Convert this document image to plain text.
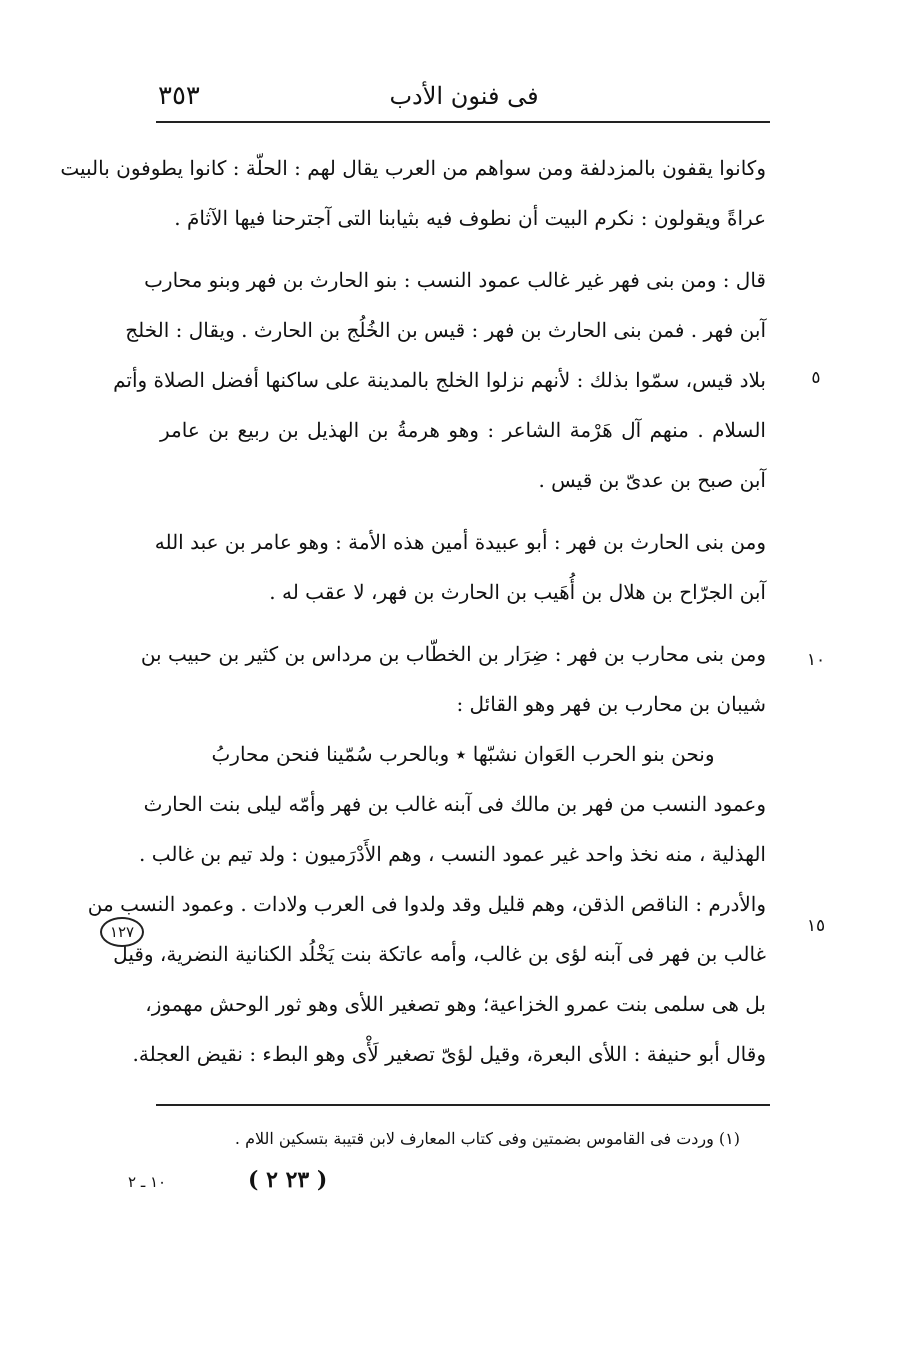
فى فنون الأدب
٣٥٣
وكانوا يقفون بالمزدلفة ومن سواهم من العرب يقال لهم : الحلّة : كانوا يطوفون بالبيت
عراةً ويقولون : نكرم البيت أن نطوف فيه بثيابنا التى آجترحنا فيها الآثامَ .
قال : ومن بنى فهر غير غالب عمود النسب : بنو الحارث بن فهر وبنو محارب
آبن فهر . فمن بنى الحارث بن فهر : قيس بن الخُلُج بن الحارث . ويقال : الخلج
بلاد قيس، سمّوا بذلك : لأنهم نزلوا الخلج بالمدينة على ساكنها أفضل الصلاة وأتم
السلام . منهم آل هَرْمة الشاعر : وهو هرمةُ بن الهذيل بن ربيع بن عامر
آبن صبح بن عدىّ بن قيس .
ومن بنى الحارث بن فهر : أبو عبيدة أمين هذه الأمة : وهو عامر بن عبد الله
آبن الجرّاح بن هلال بن أُهَيب بن الحارث بن فهر، لا عقب له .
ومن بنى محارب بن فهر : ضِرَار بن الخطّاب بن مرداس بن كثير بن حبيب بن
شيبان بن محارب بن فهر وهو القائل :
ونحن بنو الحرب العَوان نشبّها ٭ وبالحرب سُمّينا فنحن محاربُ
وعمود النسب من فهر بن مالك فى آبنه غالب بن فهر وأمّه ليلى بنت الحارث
الهذلية ، منه نخذ واحد غير عمود النسب ، وهم الأَدْرَميون : ولد تيم بن غالب .
والأدرم : الناقص الذقن، وهم قليل وقد ولدوا فى العرب ولادات . وعمود النسب من
غالب بن فهر فى آبنه لؤى بن غالب، وأمه عاتكة بنت يَخْلُد الكنانية النضرية، وقيل
بل هى سلمى بنت عمرو الخزاعية؛ وهو تصغير اللأى وهو ثور الوحش مهموز،
وقال أبو حنيفة : اللأى البعرة، وقيل لؤىّ تصغير لَأْى وهو البطء : نقيض العجلة.
٥
١٠
١٥
١٢٧
(١) وردت فى القاموس بضمتين وفى كتاب المعارف لابن قتيبة بتسكين اللام .
( ٢٣ ٢ )
١٠ ـ ٢
